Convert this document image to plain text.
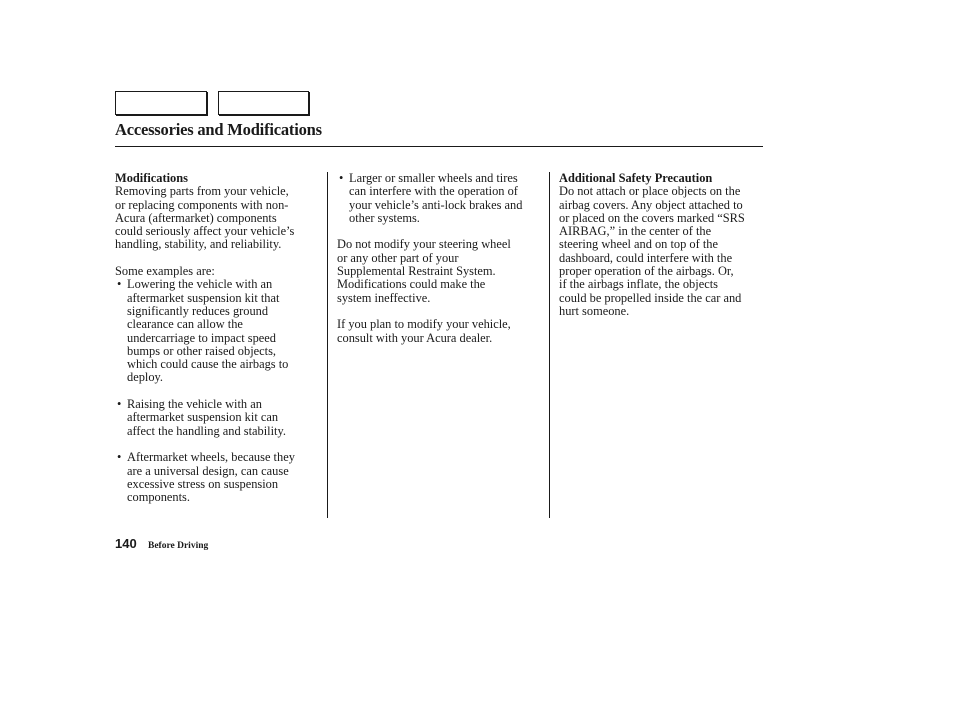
Accessories and Modifications
Modifications

Removing parts from your vehicle,
or replacing components with non-
Acura (aftermarket) components
could seriously affect your vehicle’s
handling, stability, and reliability.

Some examples are:

• Lowering the vehicle with an
aftermarket suspension kit that
significantly reduces ground
clearance can allow the
undercarriage to impact speed
bumps or other raised objects,
which could cause the airbags to
deploy.
• Raising the vehicle with an
aftermarket suspension kit can
affect the handling and stability.
• Aftermarket wheels, because they
are a universal design, can cause
excessive stress on suspension
components.
• Larger or smaller wheels and tires
can interfere with the operation of
your vehicle’s anti-lock brakes and
other systems.

Do not modify your steering wheel
or any other part of your
Supplemental Restraint System.
Modifications could make the
system ineffective.

If you plan to modify your vehicle,
consult with your Acura dealer.

Additional Safety Precaution

Do not attach or place objects on the
airbag covers. Any object attached to
or placed on the covers marked “SRS
AIRBAG,” in the center of the
steering wheel and on top of the
dashboard, could interfere with the
proper operation of the airbags. Or,
if the airbags inflate, the objects
could be propelled inside the car and
hurt someone.

140 Before Driving
